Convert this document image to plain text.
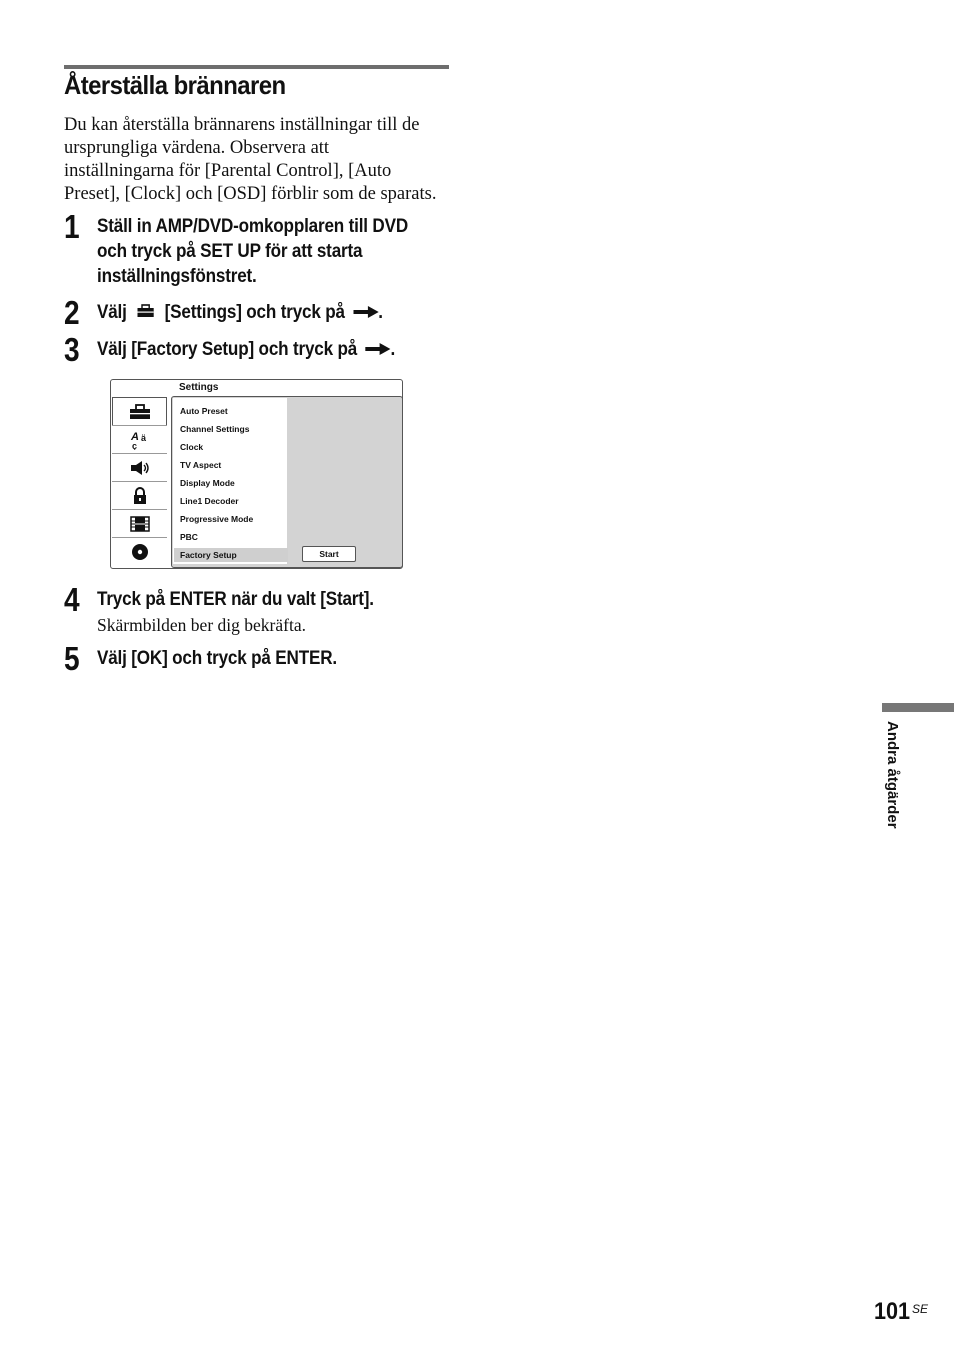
Återställa brännaren

Du kan återställa brännarens inställningar till de
ursprungliga värdena. Observera att
inställningarna för [Parental Control], [Auto
Preset], [Clock] och [OSD] förblir som de sparats.

1 Ställ in AMP/DVD-omkopplaren till DVD
och tryck på SET UP för att starta
inställningsfönstret.
2 Välj [Settings] och tryck på .
3 Välj [Factory Setup] och tryck på .
Settings
A ä
ç
Auto Preset
Channel Settings
Clock
TV Aspect
Display Mode
Line1 Decoder
Progressive Mode
PBC
Factory Setup	Start
4 Tryck på ENTER när du valt [Start].
Skärmbilden ber dig bekräfta.
5 Välj [OK] och tryck på ENTER.
Andra åtgärder
101 SE
